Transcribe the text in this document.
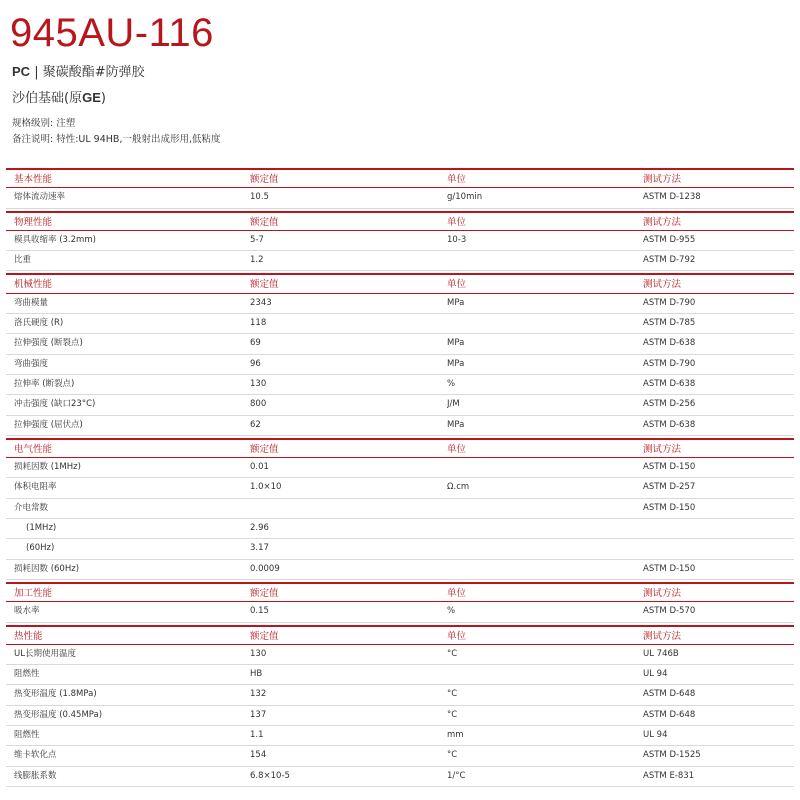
945AU-116
PC | 聚碳酸酯#防弹胶
沙伯基础(原GE)
规格级别: 注塑
备注说明: 特性:UL 94HB,一般射出成形用,低粘度
基本性能	额定值	单位	测试方法
熔体流动速率	10.5	g/10min	ASTM D-1238
物理性能	额定值	单位	测试方法
模具收缩率 (3.2mm)	5-7	10-3	ASTM D-955
比重	1.2	ASTM D-792
机械性能	额定值	单位	测试方法
弯曲模量	2343	MPa	ASTM D-790
洛氏硬度 (R)	118	ASTM D-785
拉伸强度 (断裂点)	69	MPa	ASTM D-638
弯曲强度	96	MPa	ASTM D-790
拉伸率 (断裂点)	130	%	ASTM D-638
冲击强度 (缺口23°C)	800	J/M	ASTM D-256
拉伸强度 (屈伏点)	62	MPa	ASTM D-638
电气性能	额定值	单位	测试方法
损耗因数 (1MHz)	0.01	ASTM D-150
体积电阻率	1.0×10	Ω.cm	ASTM D-257
介电常数	ASTM D-150
(1MHz)	2.96
(60Hz)	3.17
损耗因数 (60Hz)	0.0009	ASTM D-150
加工性能	额定值	单位	测试方法
吸水率	0.15	%	ASTM D-570
热性能	额定值	单位	测试方法
UL长期使用温度	130	°C	UL 746B
阻燃性	HB	UL 94
热变形温度 (1.8MPa)	132	°C	ASTM D-648
热变形温度 (0.45MPa)	137	°C	ASTM D-648
阻燃性	1.1	mm	UL 94
维卡软化点	154	°C	ASTM D-1525
线膨胀系数	6.8×10-5	1/°C	ASTM E-831
